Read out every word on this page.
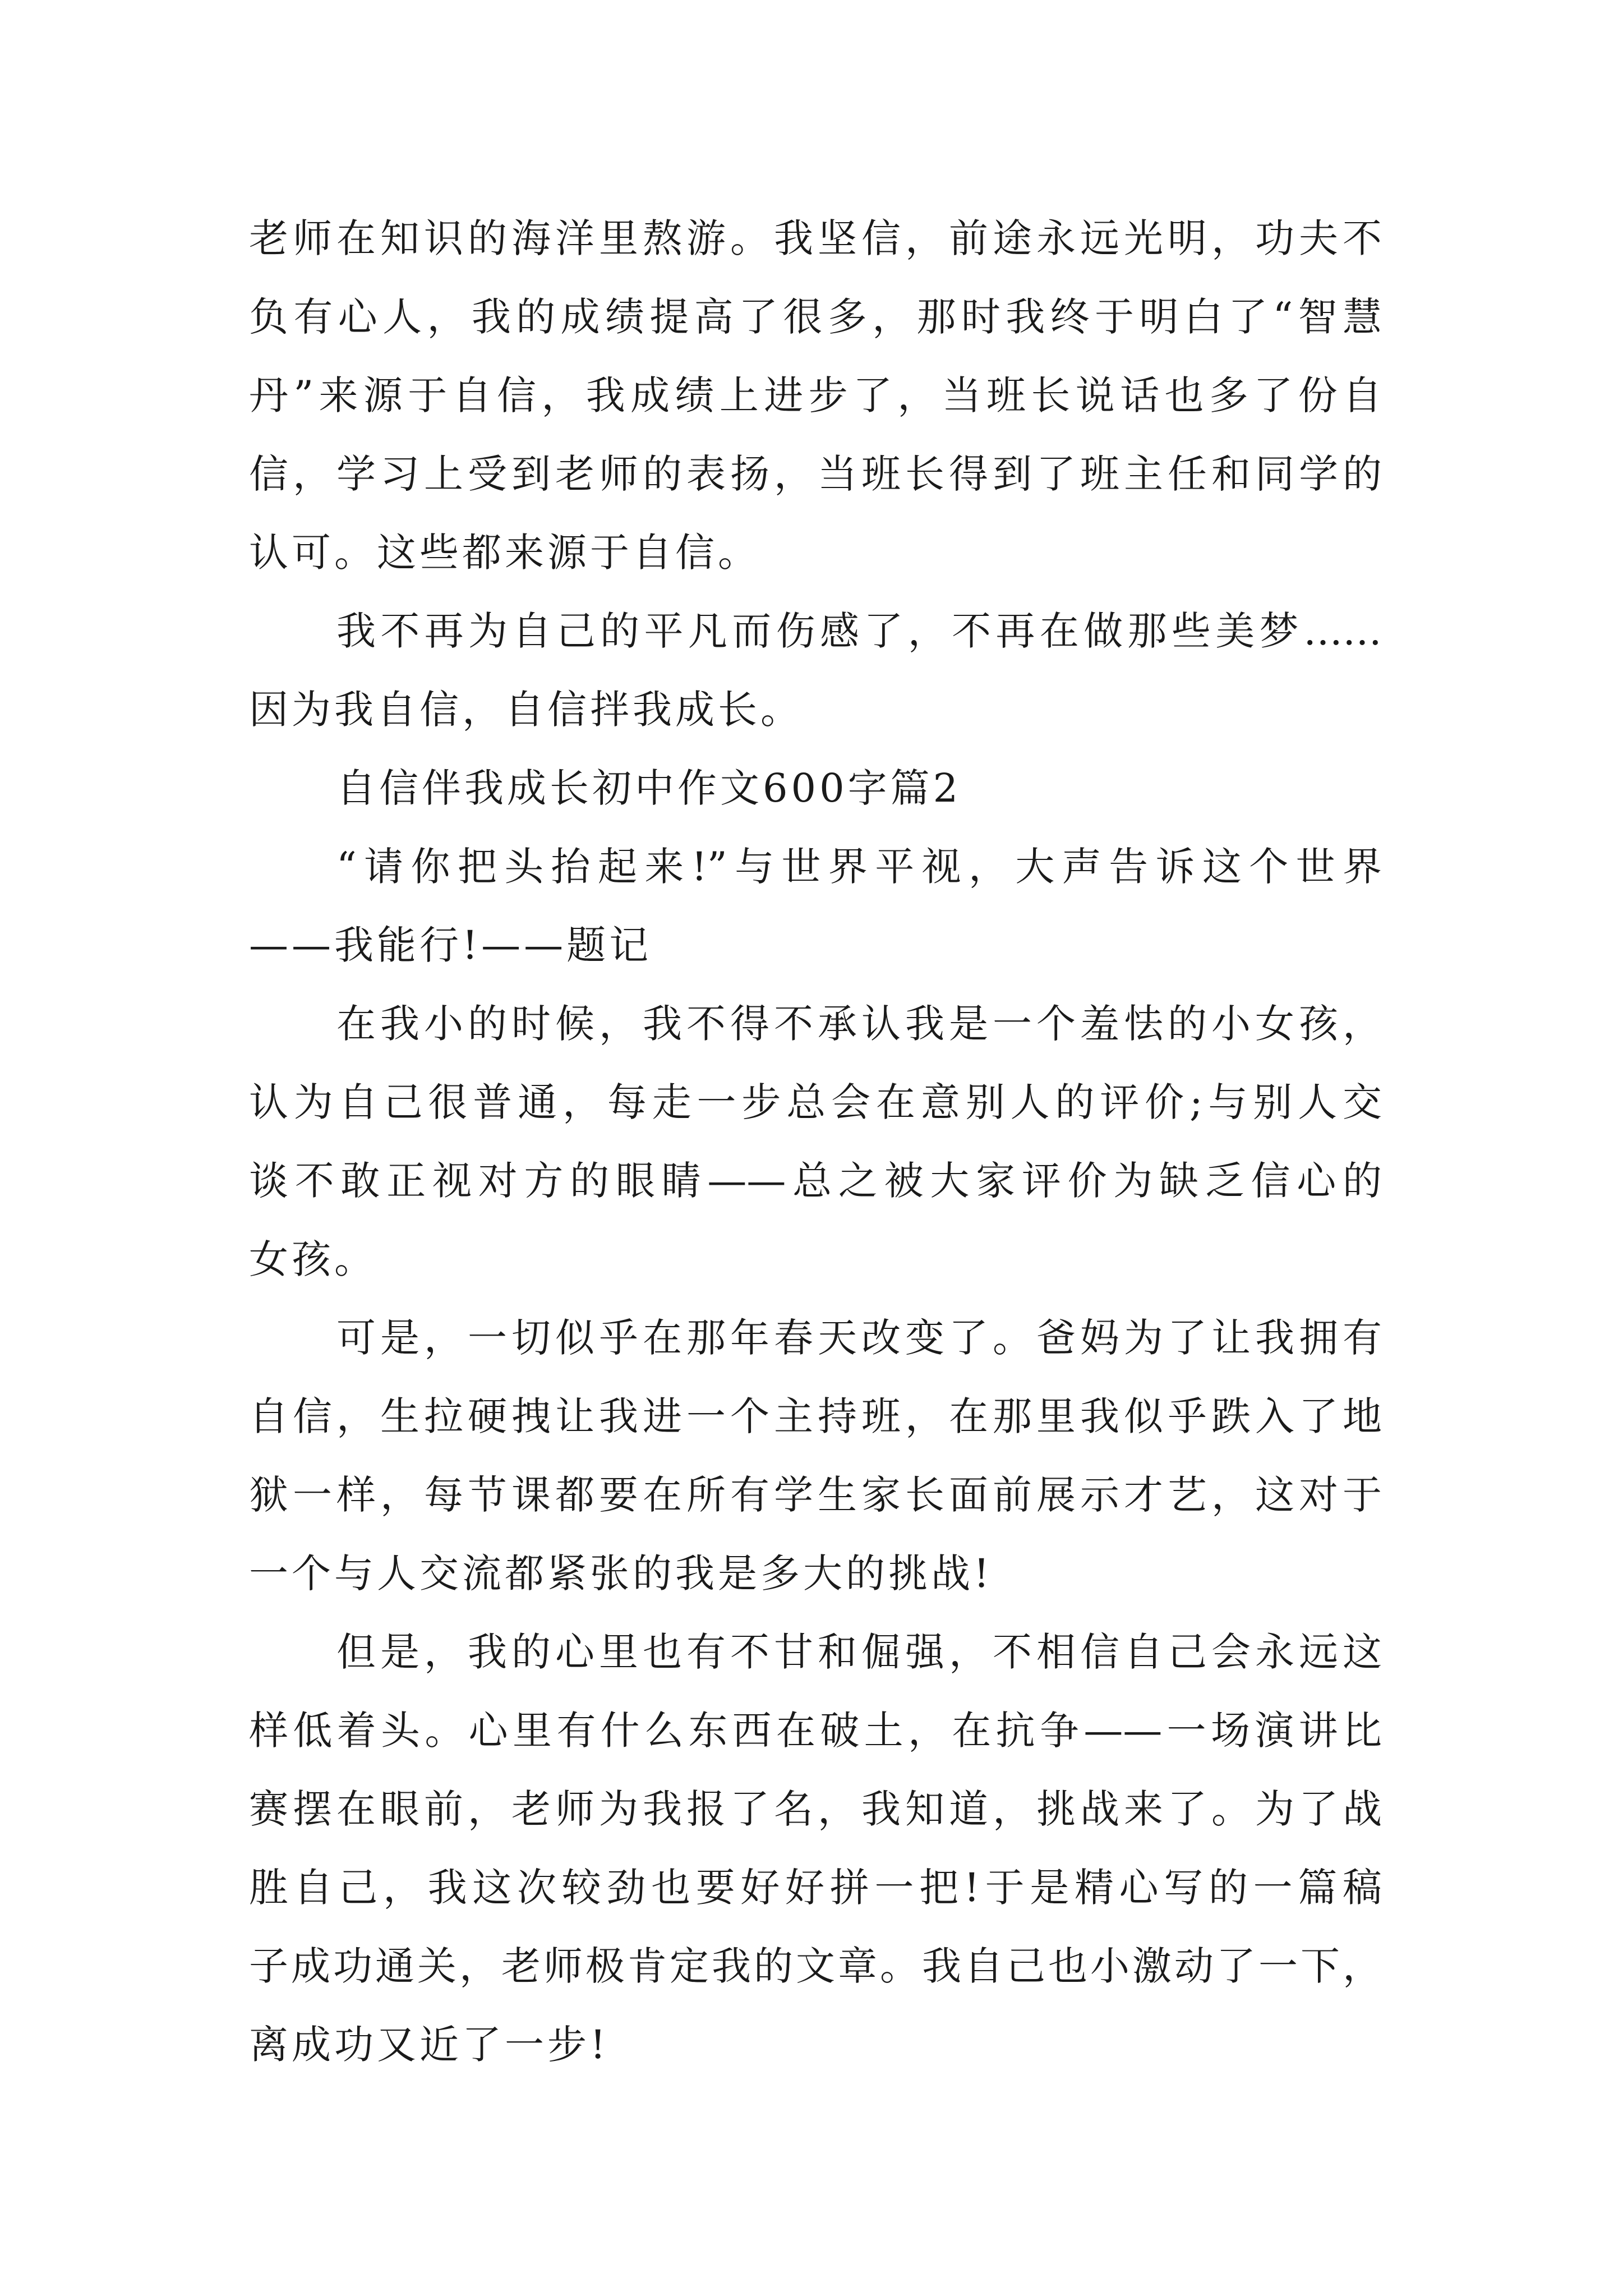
老师在知识的海洋里熬游。我坚信，前途永远光明，功夫不
负有心人，我的成绩提高了很多，那时我终于明白了“智慧
丹”来源于自信，我成绩上进步了，当班长说话也多了份自
信，学习上受到老师的表扬，当班长得到了班主任和同学的
认可。这些都来源于自信。
我不再为自己的平凡而伤感了，不再在做那些美梦……
因为我自信，自信拌我成长。
自信伴我成长初中作文600字篇2
“请你把头抬起来!”与世界平视，大声告诉这个世界
——我能行!——题记
在我小的时候，我不得不承认我是一个羞怯的小女孩，
认为自己很普通，每走一步总会在意别人的评价;与别人交
谈不敢正视对方的眼睛——总之被大家评价为缺乏信心的
女孩。
可是，一切似乎在那年春天改变了。爸妈为了让我拥有
自信，生拉硬拽让我进一个主持班，在那里我似乎跌入了地
狱一样，每节课都要在所有学生家长面前展示才艺，这对于
一个与人交流都紧张的我是多大的挑战!
但是，我的心里也有不甘和倔强，不相信自己会永远这
样低着头。心里有什么东西在破土，在抗争——一场演讲比
赛摆在眼前，老师为我报了名，我知道，挑战来了。为了战
胜自己，我这次较劲也要好好拼一把!于是精心写的一篇稿
子成功通关，老师极肯定我的文章。我自己也小激动了一下，
离成功又近了一步!
